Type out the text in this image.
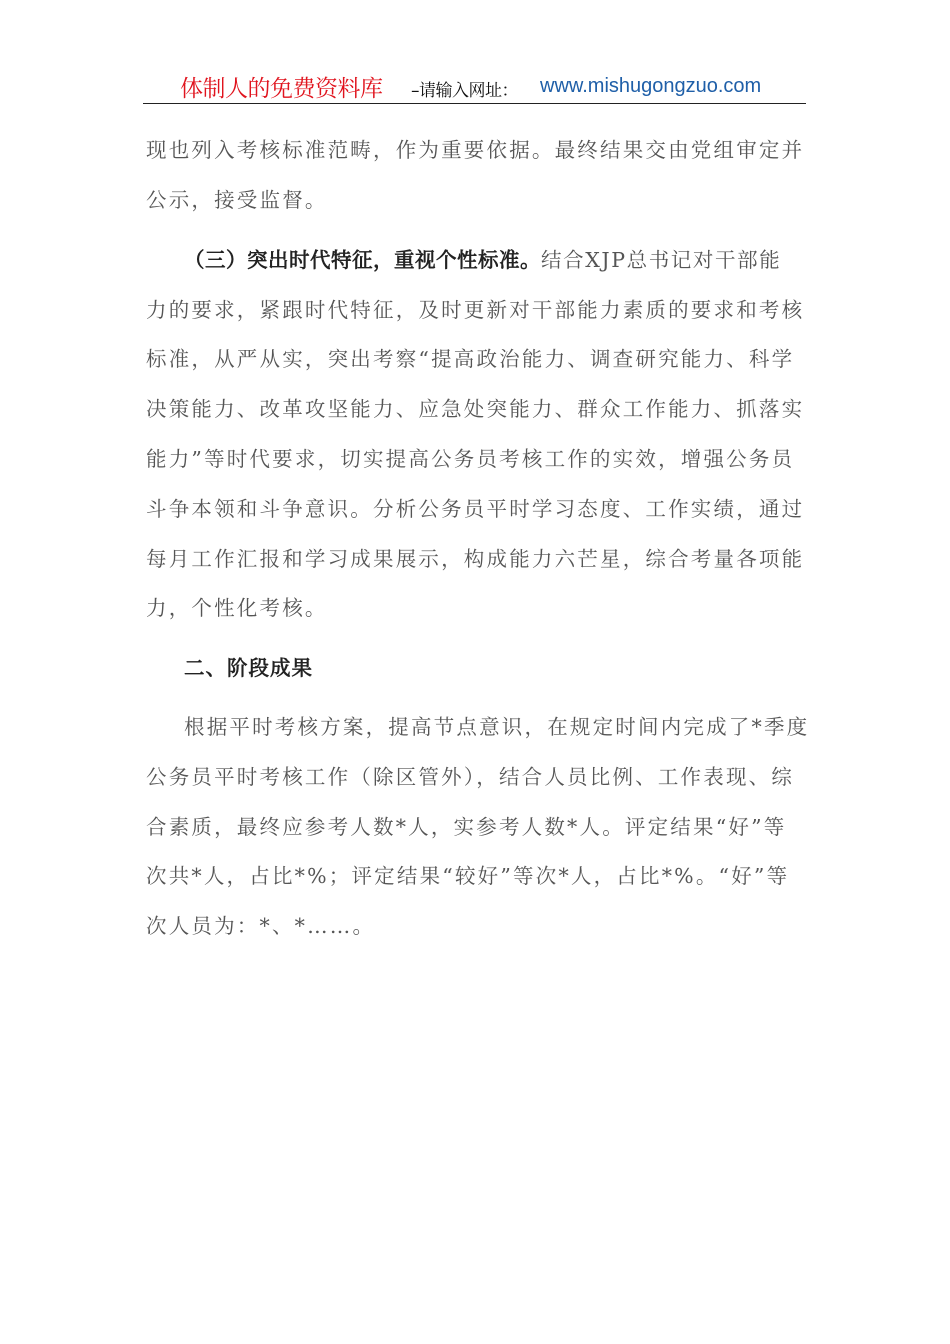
体制人的免费资料库 –请输入网址： www.mishugongzuo.com
现也列入考核标准范畴，作为重要依据。最终结果交由党组审定并
公示，接受监督。
（三）突出时代特征，重视个性标准。结合XJP总书记对干部能
力的要求，紧跟时代特征，及时更新对干部能力素质的要求和考核
标准，从严从实，突出考察“提高政治能力、调查研究能力、科学
决策能力、改革攻坚能力、应急处突能力、群众工作能力、抓落实
能力”等时代要求，切实提高公务员考核工作的实效，增强公务员
斗争本领和斗争意识。分析公务员平时学习态度、工作实绩，通过
每月工作汇报和学习成果展示，构成能力六芒星，综合考量各项能
力，个性化考核。
二、阶段成果
根据平时考核方案，提高节点意识，在规定时间内完成了*季度
公务员平时考核工作（除区管外），结合人员比例、工作表现、综
合素质，最终应参考人数*人，实参考人数*人。评定结果“好”等
次共*人，占比*%；评定结果“较好”等次*人，占比*%。“好”等
次人员为：*、*……。
